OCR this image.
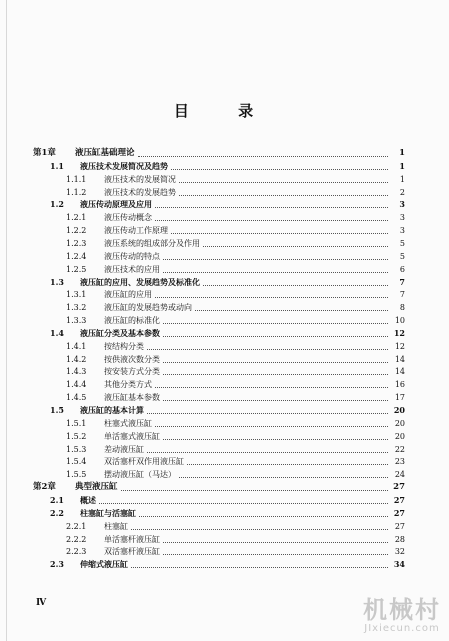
目 录
第1章	液压缸基础理论	1
1.1	液压技术发展简况及趋势	1
1.1.1	液压技术的发展简况	1
1.1.2	液压技术的发展趋势	2
1.2	液压传动原理及应用	3
1.2.1	液压传动概念	3
1.2.2	液压传动工作原理	3
1.2.3	液压系统的组成部分及作用	5
1.2.4	液压传动的特点	5
1.2.5	液压技术的应用	6
1.3	液压缸的应用、发展趋势及标准化	7
1.3.1	液压缸的应用	7
1.3.2	液压缸的发展趋势或动向	8
1.3.3	液压缸的标准化	10
1.4	液压缸分类及基本参数	12
1.4.1	按结构分类	12
1.4.2	按供液次数分类	14
1.4.3	按安装方式分类	14
1.4.4	其他分类方式	16
1.4.5	液压缸基本参数	17
1.5	液压缸的基本计算	20
1.5.1	柱塞式液压缸	20
1.5.2	单活塞式液压缸	20
1.5.3	差动液压缸	22
1.5.4	双活塞杆双作用液压缸	23
1.5.5	摆动液压缸（马达）	24
第2章	典型液压缸	27
2.1	概述	27
2.2	柱塞缸与活塞缸	27
2.2.1	柱塞缸	27
2.2.2	单活塞杆液压缸	28
2.2.3	双活塞杆液压缸	32
2.3	伸缩式液压缸	34
Ⅳ	机械村
JIxiecun.com
